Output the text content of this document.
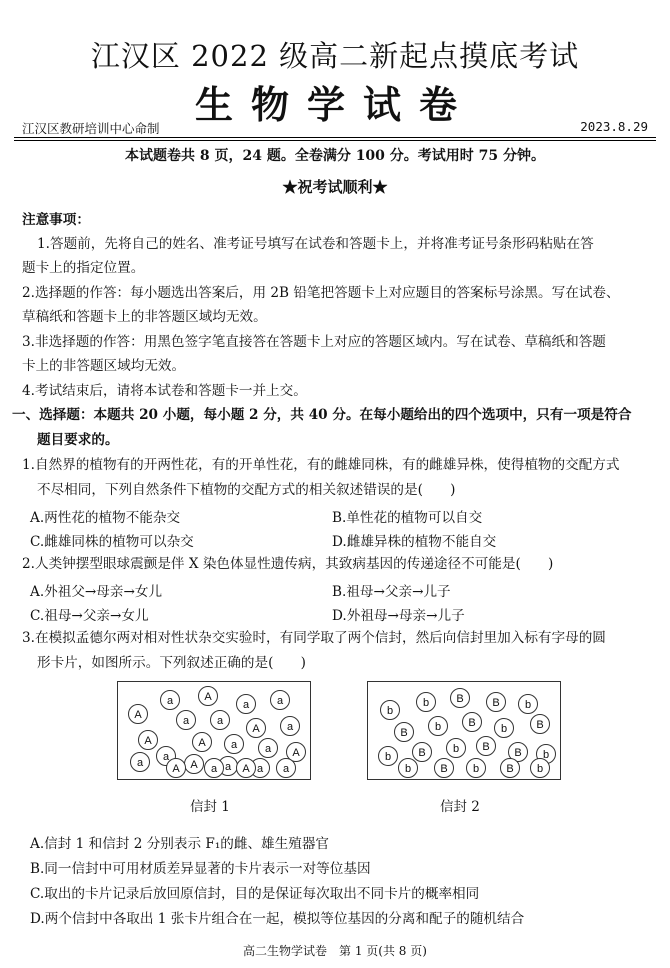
江汉区 2022 级高二新起点摸底考试
生物学试卷
江汉区教研培训中心命制	2023.8.29
本试题卷共 8 页，24 题。全卷满分 100 分。考试用时 75 分钟。
★祝考试顺利★
注意事项：
1.答题前，先将自己的姓名、准考证号填写在试卷和答题卡上，并将准考证号条形码粘贴在答
题卡上的指定位置。
2.选择题的作答：每小题选出答案后，用 2B 铅笔把答题卡上对应题目的答案标号涂黑。写在试卷、
草稿纸和答题卡上的非答题区域均无效。
3.非选择题的作答：用黑色签字笔直接答在答题卡上对应的答题区域内。写在试卷、草稿纸和答题
卡上的非答题区域均无效。
4.考试结束后，请将本试卷和答题卡一并上交。
一、选择题：本题共 20 小题，每小题 2 分，共 40 分。在每小题给出的四个选项中，只有一项是符合
题目要求的。
1.自然界的植物有的开两性花，有的开单性花，有的雌雄同株，有的雌雄异株，使得植物的交配方式
不尽相同，下列自然条件下植物的交配方式的相关叙述错误的是(　　)
A.两性花的植物不能杂交	B.单性花的植物可以自交
C.雌雄同株的植物可以杂交	D.雌雄异株的植物不能自交
2.人类钟摆型眼球震颤是伴 X 染色体显性遗传病，其致病基因的传递途径不可能是(　　)
A.外祖父→母亲→女儿	B.祖母→父亲→儿子
C.祖母→父亲→女儿	D.外祖母→母亲→儿子
3.在模拟孟德尔两对相对性状杂交实验时，有同学取了两个信封，然后向信封里加入标有字母的圆
形卡片，如图所示。下列叙述正确的是(　　)
A
a	A
a	a
A
a	a
A a
a
A a	a A
a	A a a
A	a A	a
b
b B	B b
B b B b	B
b B b B B b
b	B b B b
信封 1	信封 2
A.信封 1 和信封 2 分别表示 F₁的雌、雄生殖器官
B.同一信封中可用材质差异显著的卡片表示一对等位基因
C.取出的卡片记录后放回原信封，目的是保证每次取出不同卡片的概率相同
D.两个信封中各取出 1 张卡片组合在一起，模拟等位基因的分离和配子的随机结合
高二生物学试卷　第 1 页(共 8 页)
